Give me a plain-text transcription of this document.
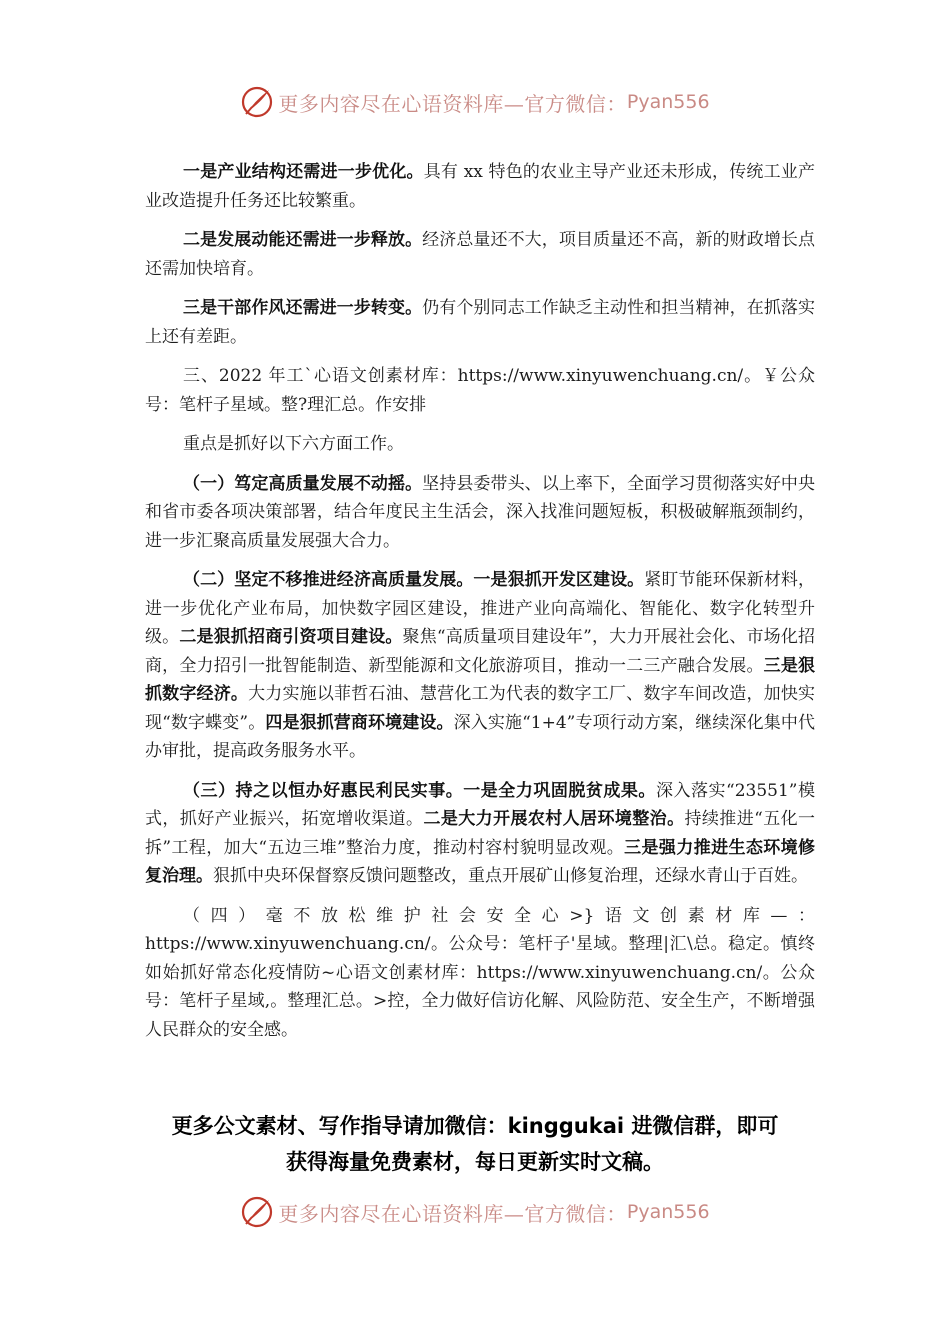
更多内容尽在心语资料库—官方微信： Pyan556

一是产业结构还需进一步优化。具有 xx 特色的农业主导产业还未形成，传统工业产业改造提升任务还比较繁重。

二是发展动能还需进一步释放。经济总量还不大，项目质量还不高，新的财政增长点还需加快培育。

三是干部作风还需进一步转变。仍有个别同志工作缺乏主动性和担当精神，在抓落实上还有差距。

三、2022 年工`心语文创素材库：https://www.xinyuwenchuang.cn/。￥公众号：笔杆子星域。整?理汇总。作安排

重点是抓好以下六方面工作。

（一）笃定高质量发展不动摇。坚持县委带头、以上率下，全面学习贯彻落实好中央和省市委各项决策部署，结合年度民主生活会，深入找准问题短板，积极破解瓶颈制约，进一步汇聚高质量发展强大合力。

（二）坚定不移推进经济高质量发展。一是狠抓开发区建设。紧盯节能环保新材料，进一步优化产业布局，加快数字园区建设，推进产业向高端化、智能化、数字化转型升级。二是狠抓招商引资项目建设。聚焦“高质量项目建设年”，大力开展社会化、市场化招商，全力招引一批智能制造、新型能源和文化旅游项目，推动一二三产融合发展。三是狠抓数字经济。大力实施以菲哲石油、慧营化工为代表的数字工厂、数字车间改造，加快实现“数字蝶变”。四是狠抓营商环境建设。深入实施“1+4”专项行动方案，继续深化集中代办审批，提高政务服务水平。

（三）持之以恒办好惠民利民实事。一是全力巩固脱贫成果。深入落实“23551”模式，抓好产业振兴，拓宽增收渠道。二是大力开展农村人居环境整治。持续推进“五化一拆”工程，加大“五边三堆”整治力度，推动村容村貌明显改观。三是强力推进生态环境修复治理。狠抓中央环保督察反馈问题整改，重点开展矿山修复治理，还绿水青山于百姓。

（四）毫不放松维护社会安全心>}语文创素材库—：https://www.xinyuwenchuang.cn/。公众号：笔杆子'星域。整理|汇\总。稳定。慎终如始抓好常态化疫情防~心语文创素材库：https://www.xinyuwenchuang.cn/。公众号：笔杆子星域,。整理汇总。>控，全力做好信访化解、风险防范、安全生产，不断增强人民群众的安全感。

更多公文素材、写作指导请加微信：kinggukai 进微信群，即可
获得海量免费素材，每日更新实时文稿。
更多内容尽在心语资料库—官方微信： Pyan556
